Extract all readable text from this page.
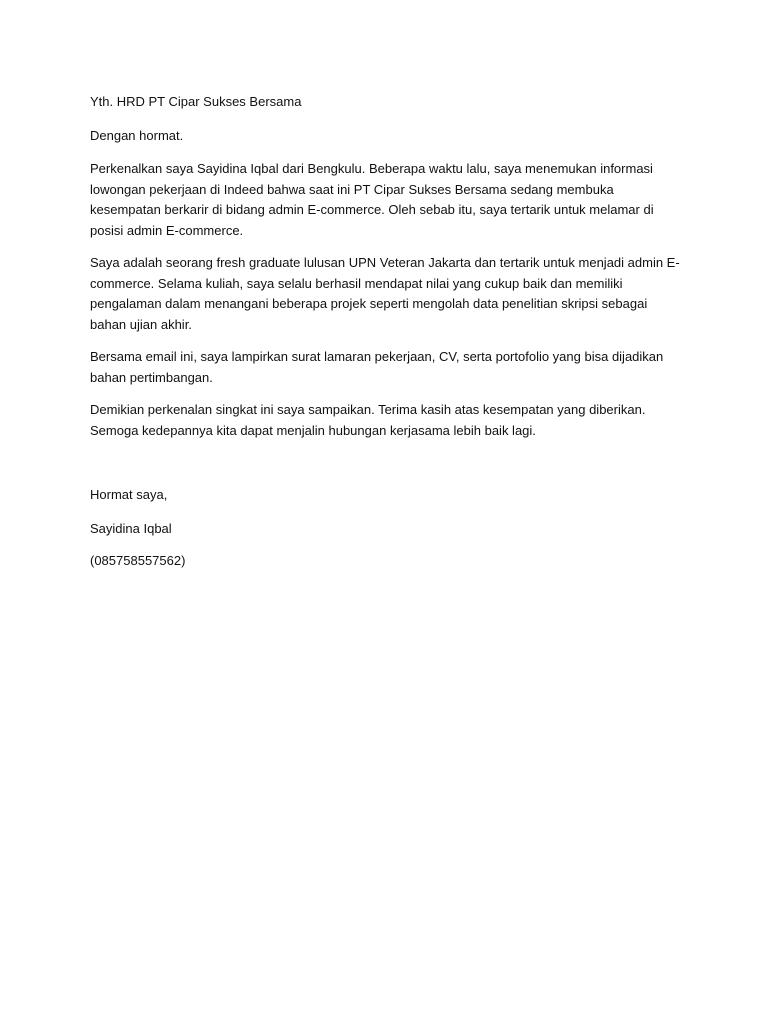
Yth. HRD PT Cipar Sukses Bersama

Dengan hormat.

Perkenalkan saya Sayidina Iqbal dari Bengkulu. Beberapa waktu lalu, saya menemukan informasi lowongan pekerjaan di Indeed bahwa saat ini PT Cipar Sukses Bersama sedang membuka kesempatan berkarir di bidang admin E-commerce. Oleh sebab itu, saya tertarik untuk melamar di posisi admin E-commerce.

Saya adalah seorang fresh graduate lulusan UPN Veteran Jakarta dan tertarik untuk menjadi admin E-commerce. Selama kuliah, saya selalu berhasil mendapat nilai yang cukup baik dan memiliki pengalaman dalam menangani beberapa projek seperti mengolah data penelitian skripsi sebagai bahan ujian akhir.

Bersama email ini, saya lampirkan surat lamaran pekerjaan, CV, serta portofolio yang bisa dijadikan bahan pertimbangan.

Demikian perkenalan singkat ini saya sampaikan. Terima kasih atas kesempatan yang diberikan. Semoga kedepannya kita dapat menjalin hubungan kerjasama lebih baik lagi.

Hormat saya,

Sayidina Iqbal

(085758557562)
